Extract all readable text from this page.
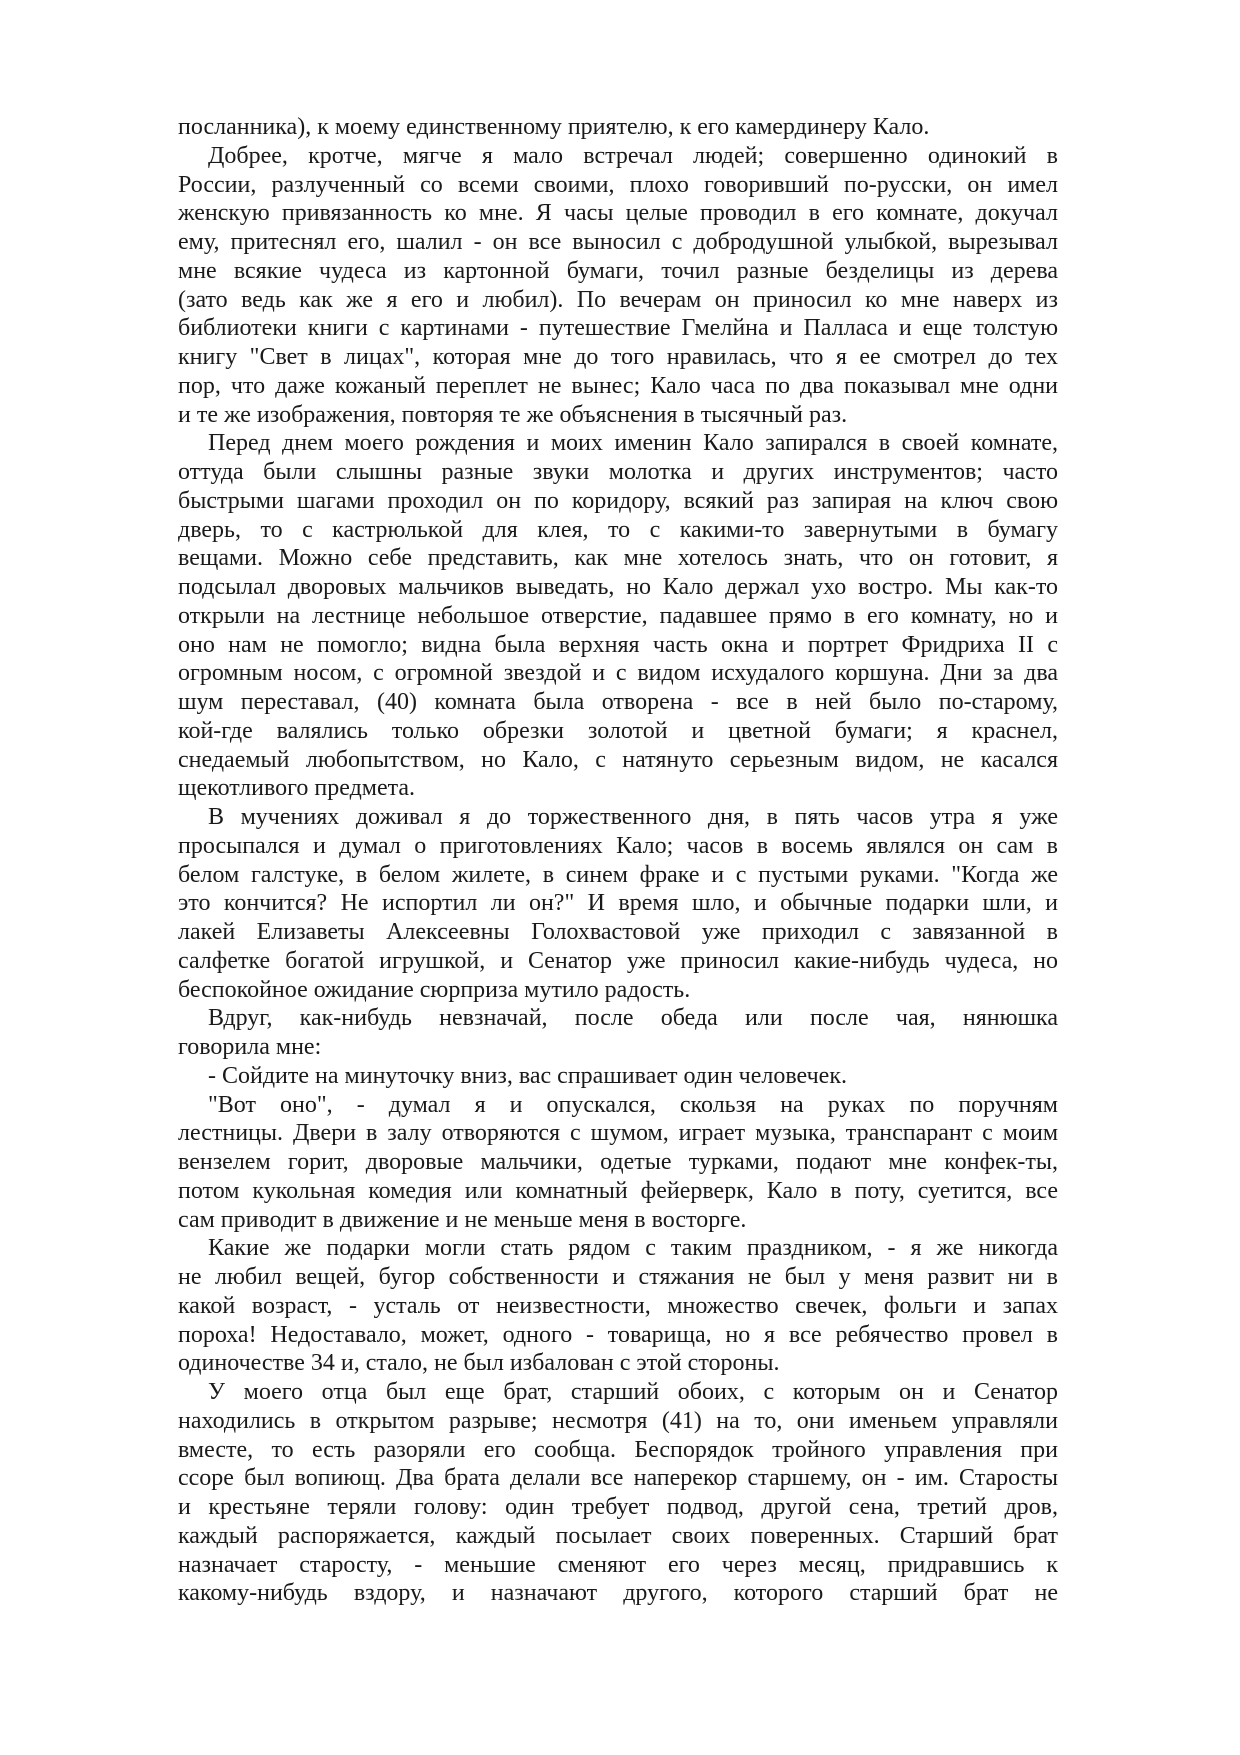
посланника), к моему единственному приятелю, к его камердинеру Кало.

Добрее, кротче, мягче я мало встречал людей; совершенно одинокий в
России, разлученный со всеми своими, плохо говоривший по-русски, он имел
женскую привязанность ко мне. Я часы целые проводил в его комнате, докучал
ему, притеснял его, шалил - он все выносил с добродушной улыбкой, вырезывал
мне всякие чудеса из картонной бумаги, точил разные безделицы из дерева
(зато ведь как же я его и любил). По вечерам он приносил ко мне наверх из
библиотеки книги с картинами - путешествие Гмелйна и Палласа и еще толстую
книгу "Свет в лицах", которая мне до того нравилась, что я ее смотрел до тех
пор, что даже кожаный переплет не вынес; Кало часа по два показывал мне одни
и те же изображения, повторяя те же объяснения в тысячный раз.

Перед днем моего рождения и моих именин Кало запирался в своей комнате,
оттуда были слышны разные звуки молотка и других инструментов; часто
быстрыми шагами проходил он по коридору, всякий раз запирая на ключ свою
дверь, то с кастрюлькой для клея, то с какими-то завернутыми в бумагу
вещами. Можно себе представить, как мне хотелось знать, что он готовит, я
подсылал дворовых мальчиков выведать, но Кало держал ухо востро. Мы как-то
открыли на лестнице небольшое отверстие, падавшее прямо в его комнату, но и
оно нам не помогло; видна была верхняя часть окна и портрет Фридриха II с
огромным носом, с огромной звездой и с видом исхудалого коршуна. Дни за два
шум переставал, (40) комната была отворена - все в ней было по-старому,
кой-где валялись только обрезки золотой и цветной бумаги; я краснел,
снедаемый любопытством, но Кало, с натянуто серьезным видом, не касался
щекотливого предмета.

В мучениях доживал я до торжественного дня, в пять часов утра я уже
просыпался и думал о приготовлениях Кало; часов в восемь являлся он сам в
белом галстуке, в белом жилете, в синем фраке и с пустыми руками. "Когда же
это кончится? Не испортил ли он?" И время шло, и обычные подарки шли, и
лакей Елизаветы Алексеевны Голохвастовой уже приходил с завязанной в
салфетке богатой игрушкой, и Сенатор уже приносил какие-нибудь чудеса, но
беспокойное ожидание сюрприза мутило радость.

Вдруг, как-нибудь невзначай, после обеда или после чая, нянюшка
говорила мне:

- Сойдите на минуточку вниз, вас спрашивает один человечек.

"Вот оно", - думал я и опускался, скользя на руках по поручням
лестницы. Двери в залу отворяются с шумом, играет музыка, транспарант с моим
вензелем горит, дворовые мальчики, одетые турками, подают мне конфек-ты,
потом кукольная комедия или комнатный фейерверк, Кало в поту, суетится, все
сам приводит в движение и не меньше меня в восторге.

Какие же подарки могли стать рядом с таким праздником, - я же никогда
не любил вещей, бугор собственности и стяжания не был у меня развит ни в
какой возраст, - усталь от неизвестности, множество свечек, фольги и запах
пороха! Недоставало, может, одного - товарища, но я все ребячество провел в
одиночестве 34 и, стало, не был избалован с этой стороны.

У моего отца был еще брат, старший обоих, с которым он и Сенатор
находились в открытом разрыве; несмотря (41) на то, они именьем управляли
вместе, то есть разоряли его сообща. Беспорядок тройного управления при
ссоре был вопиющ. Два брата делали все наперекор старшему, он - им. Старосты
и крестьяне теряли голову: один требует подвод, другой сена, третий дров,
каждый распоряжается, каждый посылает своих поверенных. Старший брат
назначает старосту, - меньшие сменяют его через месяц, придравшись к
какому-нибудь вздору, и назначают другого, которого старший брат не
